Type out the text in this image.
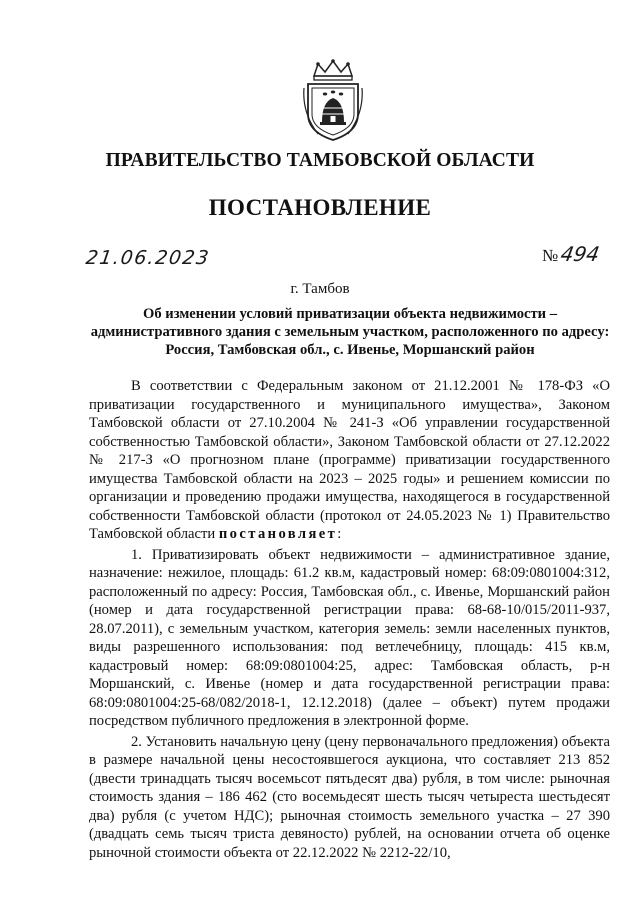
ПРАВИТЕЛЬСТВО ТАМБОВСКОЙ ОБЛАСТИ
ПОСТАНОВЛЕНИЕ
21.06.2023	№494
г. Тамбов
Об изменении условий приватизации объекта недвижимости – административного здания с земельным участком, расположенного по адресу: Россия, Тамбовская обл., с. Ивенье, Моршанский район

В соответствии с Федеральным законом от 21.12.2001 № 178-ФЗ «О приватизации государственного и муниципального имущества», Законом Тамбовской области от 27.10.2004 № 241-З «Об управлении государственной собственностью Тамбовской области», Законом Тамбовской области от 27.12.2022 № 217-З «О прогнозном плане (программе) приватизации государственного имущества Тамбовской области на 2023 – 2025 годы» и решением комиссии по организации и проведению продажи имущества, находящегося в государственной собственности Тамбовской области (протокол от 24.05.2023 № 1) Правительство Тамбовской области постановляет:

1. Приватизировать объект недвижимости – административное здание, назначение: нежилое, площадь: 61.2 кв.м, кадастровый номер: 68:09:0801004:312, расположенный по адресу: Россия, Тамбовская обл., с. Ивенье, Моршанский район (номер и дата государственной регистрации права: 68-68-10/015/2011-937, 28.07.2011), с земельным участком, категория земель: земли населенных пунктов, виды разрешенного использования: под ветлечебницу, площадь: 415 кв.м, кадастровый номер: 68:09:0801004:25, адрес: Тамбовская область, р-н Моршанский, с. Ивенье (номер и дата государственной регистрации права: 68:09:0801004:25-68/082/2018-1, 12.12.2018) (далее – объект) путем продажи посредством публичного предложения в электронной форме.

2. Установить начальную цену (цену первоначального предложения) объекта в размере начальной цены несостоявшегося аукциона, что составляет 213 852 (двести тринадцать тысяч восемьсот пятьдесят два) рубля, в том числе: рыночная стоимость здания – 186 462 (сто восемьдесят шесть тысяч четыреста шестьдесят два) рубля (с учетом НДС); рыночная стоимость земельного участка – 27 390 (двадцать семь тысяч триста девяносто) рублей, на основании отчета об оценке рыночной стоимости объекта от 22.12.2022 № 2212-22/10,
